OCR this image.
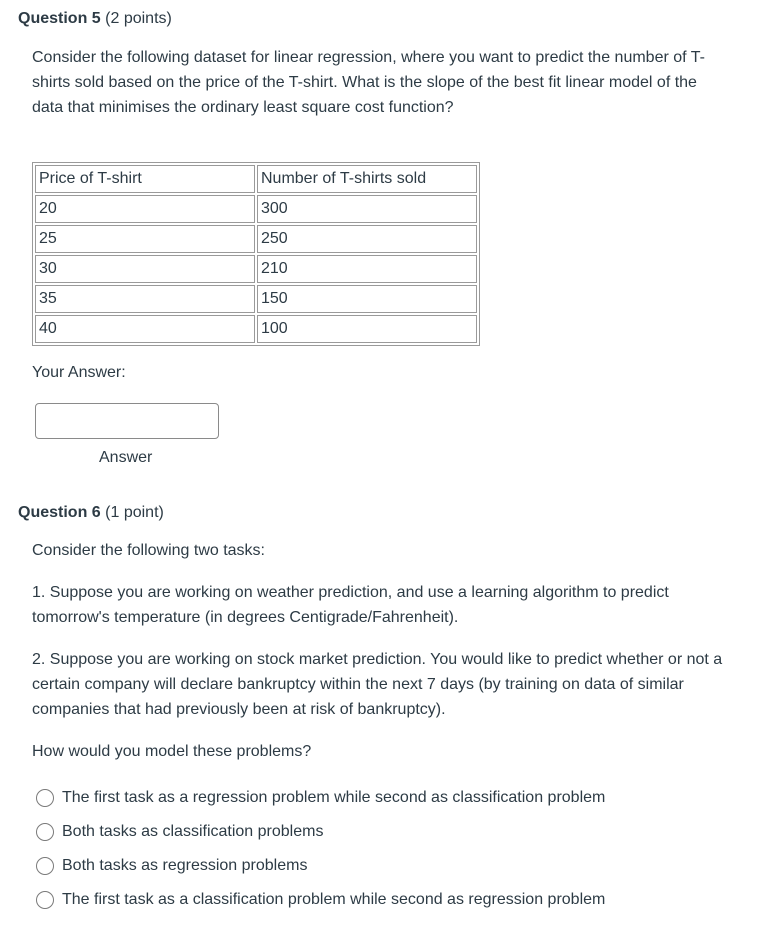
Question 5 (2 points)
Consider the following dataset for linear regression, where you want to predict the number of T-shirts sold based on the price of the T-shirt. What is the slope of the best fit linear model of the data that minimises the ordinary least square cost function?
Price of T-shirt	Number of T-shirts sold
20	300
25	250
30	210
35	150
40	100
Your Answer:
Answer
Question 6 (1 point)
Consider the following two tasks:
1. Suppose you are working on weather prediction, and use a learning algorithm to predict tomorrow's temperature (in degrees Centigrade/Fahrenheit).
2. Suppose you are working on stock market prediction. You would like to predict whether or not a certain company will declare bankruptcy within the next 7 days (by training on data of similar companies that had previously been at risk of bankruptcy).
How would you model these problems?
The first task as a regression problem while second as classification problem
Both tasks as classification problems
Both tasks as regression problems
The first task as a classification problem while second as regression problem
